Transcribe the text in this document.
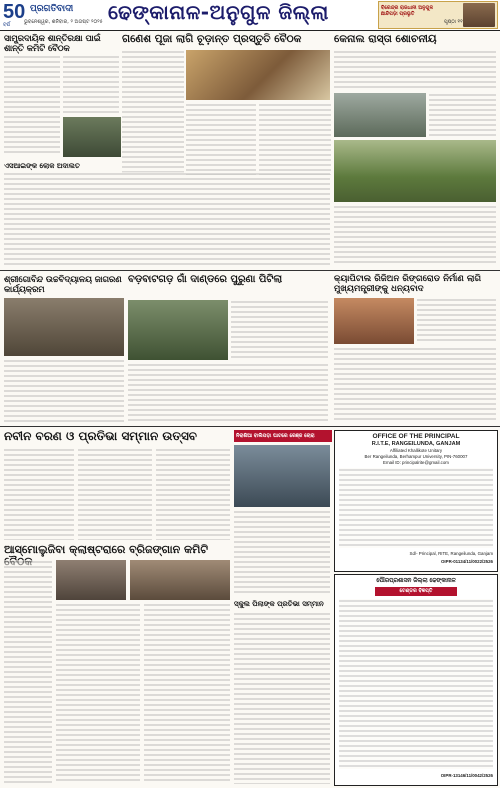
50
ବର୍ଷ
ପ୍ରଗତିବାଦୀ
ଭୁବନେଶ୍ୱର, ଶନିବାର, ୨ ଅଗଷ୍ଟ ୨୦୨୫ ଢେଙ୍କାନାଳ-ଅନୁଗୁଳ ଜିଲ୍ଲା	ବିରେନ୍ଦ୍ର ରାଜଧାନୀ ଅନୁଗୁଳ ଛାନ୍ଦିପଡ଼ା ପ୍ରଭୃତି
ପୃଷ୍ଠା ୧୧
ସାମ୍ପ୍ରଦାୟିକ ଶାନ୍ତିରକ୍ଷା ପାଇଁ ଶାନ୍ତି କମିଟି ବୈଠକ
ଗଣେଶ ପୂଜା ଲାଗି ଚୂଡ଼ାନ୍ତ ପ୍ରସ୍ତୁତି ବୈଠକ	କେନାଲ ରାସ୍ତା ଶୋଚନୀୟ
ଏସଆଇଙ୍କ ଲୋକ ଅଦାଲତ
ଶ୍ରୀଗୋବିନ୍ଦ ଉଚ୍ଚବିଦ୍ୟାଳୟ ଜାଗରଣ କାର୍ଯ୍ୟକ୍ରମ
ବଡ଼ବାଟଗଡ଼ ଗାଁ ଦାଣ୍ଡରେ ପୁରୁଣା ପିଟିଲା	କ୍ୟାପିଟାଲ ରିଜିଅନ ରିଙ୍ଗରୋଡ ନିର୍ମାଣ ଲାଗି ମୁଖ୍ୟମନ୍ତ୍ରୀଙ୍କୁ ଧନ୍ୟବାଦ
ନବୀନ ବରଣ ଓ ପ୍ରତିଭା ସମ୍ମାନ ଉତ୍ସବ	ନିରାଶିଆ ବାଲିପଡ଼ା ଘାଟରେ ରେଞ୍ଜ ଚୋରା	OFFICE OF THE PRINCIPAL
R.I.T.E, RANGEILUNDA, GANJAM
Affiliated Khallikote Unitary
Ber Rangeilunda, Berhampur University, PIN-760007
Email ID: principalrite@gmail.com
Sd/- Principal, RITE, Rangeilunda, Ganjam
OIPR-01134/11/0022/2526
ଆସ୍ମୋଲୁଜିବା କ୍ଲାଷ୍ଟରାରେ ବ୍ରିଜଙ୍ଗାନ କମିଟି
ସ୍କୁଲ ପିଲାଙ୍କ ପ୍ରତିଭା ସମ୍ମାନ
ପୌରପ୍ରଶାସନ ଜିଲ୍ଲା ଢେଙ୍କାନାଳ
ଟେଣ୍ଡର ବିଜ୍ଞପ୍ତି
OIPR-13146/11/0042/2526
